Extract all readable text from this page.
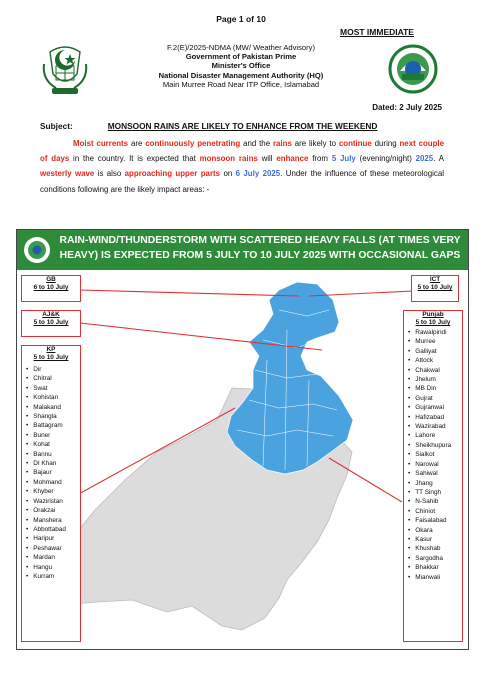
Page 1 of 10
MOST IMMEDIATE
F.2(E)/2025-NDMA (MW/ Weather Advisory)
Government of Pakistan Prime
Minister's Office
National Disaster Management Authority (HQ)
Main Murree Road Near ITP Office, Islamabad
Dated: 2 July 2025
Subject:	MONSOON RAINS ARE LIKELY TO ENHANCE FROM THE WEEKEND
Moist currents are continuously penetrating and the rains are likely to continue during next couple of days in the country. It is expected that monsoon rains will enhance from 5 July (evening/night) 2025. A westerly wave is also approaching upper parts on 6 July 2025. Under the influence of these meteorological conditions following are the likely impact areas: -
RAIN-WIND/THUNDERSTORM WITH SCATTERED HEAVY FALLS (AT TIMES VERY HEAVY) IS EXPECTED FROM 5 JULY TO 10 JULY 2025 WITH OCCASIONAL GAPS
GB
6 to 10 July
AJ&K
5 to 10 July
ICT
5 to 10 July
KP
5 to 10 July
• Dir
• Chitral
• Swat
• Kohistan
• Malakand
• Shangla
• Battagram
• Buner
• Kohat
• Bannu
• DI Khan
• Bajaur
• Mohmand
• Khyber
• Waziristan
• Orakzai
• Manshera
• Abbottabad
• Haripur
• Peshawar
• Mardan
• Hangu
• Kurram
Punjab
5 to 10 July
• Rawalpindi
• Murree
• Galliyat
• Attock
• Chakwal
• Jhelum
• MB Din
• Gujrat
• Gujranwal
• Hafizabad
• Wazirabad
• Lahore
• Sheikhupura
• Sialkot
• Narowal
• Sahiwal
• Jhang
• TT Singh
• N-Sahib
• Chiniot
• Faisalabad
• Okara
• Kasur
• Khushab
• Sargodha
• Bhakkar
• Mianwali
